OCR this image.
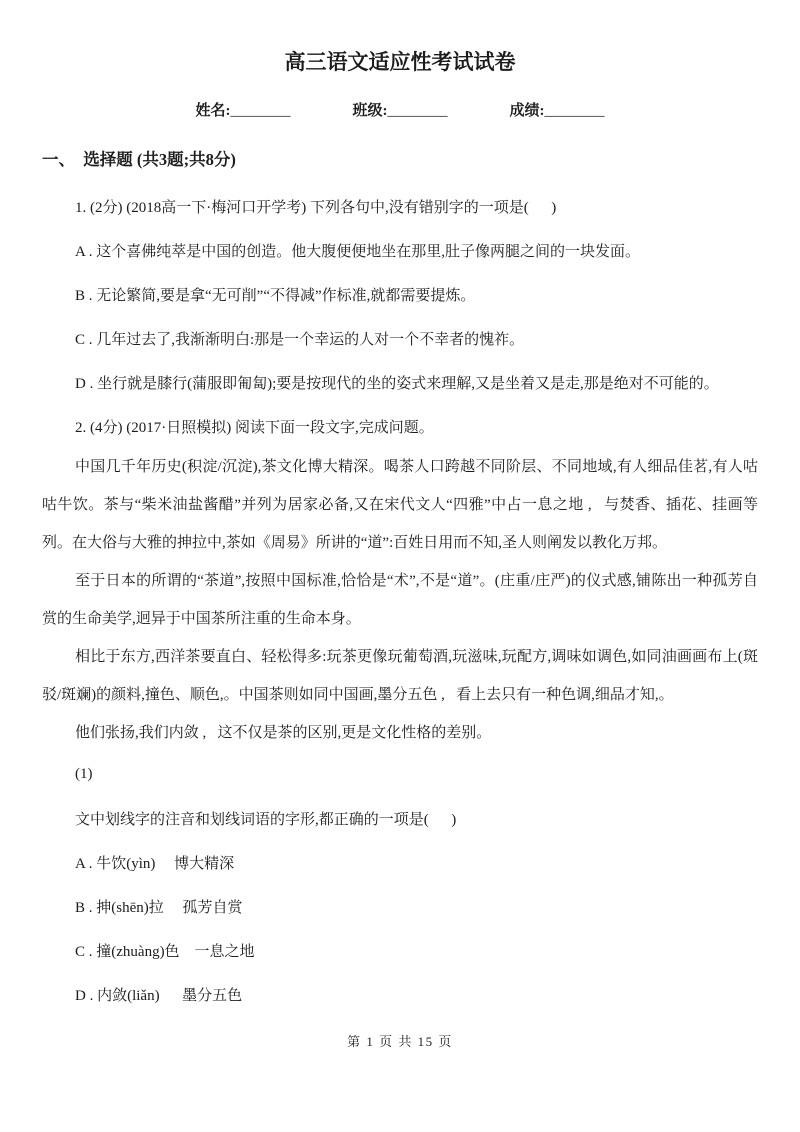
高三语文适应性考试试卷
姓名:________	班级:________	成绩:________
一、  选择题 (共3题;共8分)
1. (2分) (2018高一下·梅河口开学考) 下列各句中,没有错别字的一项是(      )
A . 这个喜佛纯萃是中国的创造。他大腹便便地坐在那里,肚子像两腿之间的一块发面。
B . 无论繁简,要是拿“无可削”“不得减”作标准,就都需要提炼。
C . 几年过去了,我渐渐明白:那是一个幸运的人对一个不幸者的愧祚。
D . 坐行就是膝行(蒲服即匍匐);要是按现代的坐的姿式来理解,又是坐着又是走,那是绝对不可能的。
2. (4分) (2017·日照模拟) 阅读下面一段文字,完成问题。

中国几千年历史(积淀/沉淀),茶文化博大精深。喝茶人口跨越不同阶层、不同地域,有人细品佳茗,有人咕咕牛饮。茶与“柴米油盐酱醋”并列为居家必备,又在宋代文人“四雅”中占一息之地 ,   与焚香、插花、挂画等列。在大俗与大雅的抻拉中,茶如《周易》所讲的“道”:百姓日用而不知,圣人则阐发以教化万邦。

至于日本的所谓的“茶道”,按照中国标准,恰恰是“术”,不是“道”。(庄重/庄严)的仪式感,铺陈出一种孤芳自赏的生命美学,迥异于中国茶所注重的生命本身。

相比于东方,西洋茶要直白、轻松得多:玩茶更像玩葡萄酒,玩滋味,玩配方,调味如调色,如同油画画布上(斑驳/斑斓)的颜料,撞色、顺色,。中国茶则如同中国画,墨分五色 ,   看上去只有一种色调,细品才知,。

他们张扬,我们内敛 ,   这不仅是茶的区别,更是文化性格的差别。

(1)
文中划线字的注音和划线词语的字形,都正确的一项是(      )
A . 牛饮(yìn)     博大精深
B . 抻(shēn)拉     孤芳自赏
C . 撞(zhuàng)色    一息之地
D . 内敛(liǎn)      墨分五色
第 1 页 共 15 页
